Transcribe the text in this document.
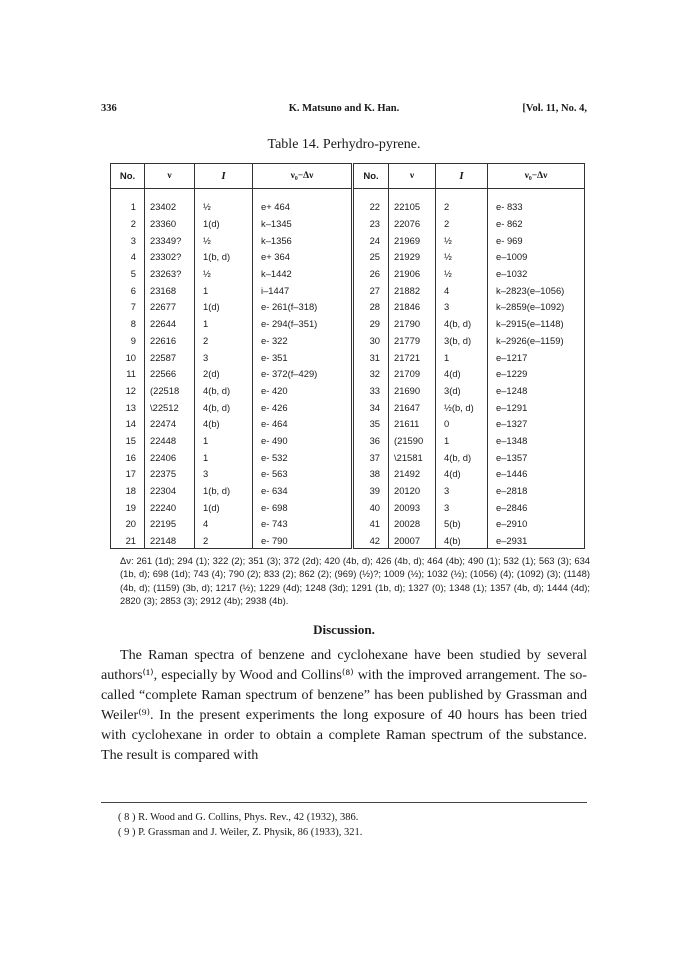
336	K. Matsuno and K. Han.	[Vol. 11, No. 4,
Table 14. Perhydro-pyrene.
No.	ν	I	ν₀−Δν	No.	ν	I	ν₀−Δν

1	23402	½	e+ 464	22	22105	2	e- 833
2	23360	1(d)	k–1345	23	22076	2	e- 862
3	23349?	½	k–1356	24	21969	½	e- 969
4	23302?	1(b, d)	e+ 364	25	21929	½	e–1009
5	23263?	½	k–1442	26	21906	½	e–1032
6	23168	1	i–1447	27	21882	4	k–2823(e–1056)
7	22677	1(d)	e- 261(f–318)	28	21846	3	k–2859(e–1092)
8	22644	1	e- 294(f–351)	29	21790	4(b, d)	k–2915(e–1148)
9	22616	2	e- 322	30	21779	3(b, d)	k–2926(e–1159)
10	22587	3	e- 351	31	21721	1	e–1217
11	22566	2(d)	e- 372(f–429)	32	21709	4(d)	e–1229
12	(22518	4(b, d)	e- 420	33	21690	3(d)	e–1248
13	\22512	4(b, d)	e- 426	34	21647	½(b, d)	e–1291
14	22474	4(b)	e- 464	35	21611	0	e–1327
15	22448	1	e- 490	36	(21590	1	e–1348
16	22406	1	e- 532	37	\21581	4(b, d)	e–1357
17	22375	3	e- 563	38	21492	4(d)	e–1446
18	22304	1(b, d)	e- 634	39	20120	3	e–2818
19	22240	1(d)	e- 698	40	20093	3	e–2846
20	22195	4	e- 743	41	20028	5(b)	e–2910
21	22148	2	e- 790	42	20007	4(b)	e–2931
Δν: 261 (1d); 294 (1); 322 (2); 351 (3); 372 (2d); 420 (4b, d); 426 (4b, d); 464 (4b); 490 (1); 532 (1); 563 (3); 634 (1b, d); 698 (1d); 743 (4); 790 (2); 833 (2); 862 (2); (969) (½)?; 1009 (½); 1032 (½); (1056) (4); (1092) (3); (1148) (4b, d); (1159) (3b, d); 1217 (½); 1229 (4d); 1248 (3d); 1291 (1b, d); 1327 (0); 1348 (1); 1357 (4b, d); 1444 (4d); 2820 (3); 2853 (3); 2912 (4b); 2938 (4b).
Discussion.

The Raman spectra of benzene and cyclohexane have been studied by several authors⁽¹⁾, especially by Wood and Collins⁽⁸⁾ with the improved arrangement. The so-called “complete Raman spectrum of benzene” has been published by Grassman and Weiler⁽⁹⁾. In the present experiments the long exposure of 40 hours has been tried with cyclohexane in order to obtain a complete Raman spectrum of the substance. The result is compared with

( 8 ) R. Wood and G. Collins, Phys. Rev., 42 (1932), 386.
( 9 ) P. Grassman and J. Weiler, Z. Physik, 86 (1933), 321.
